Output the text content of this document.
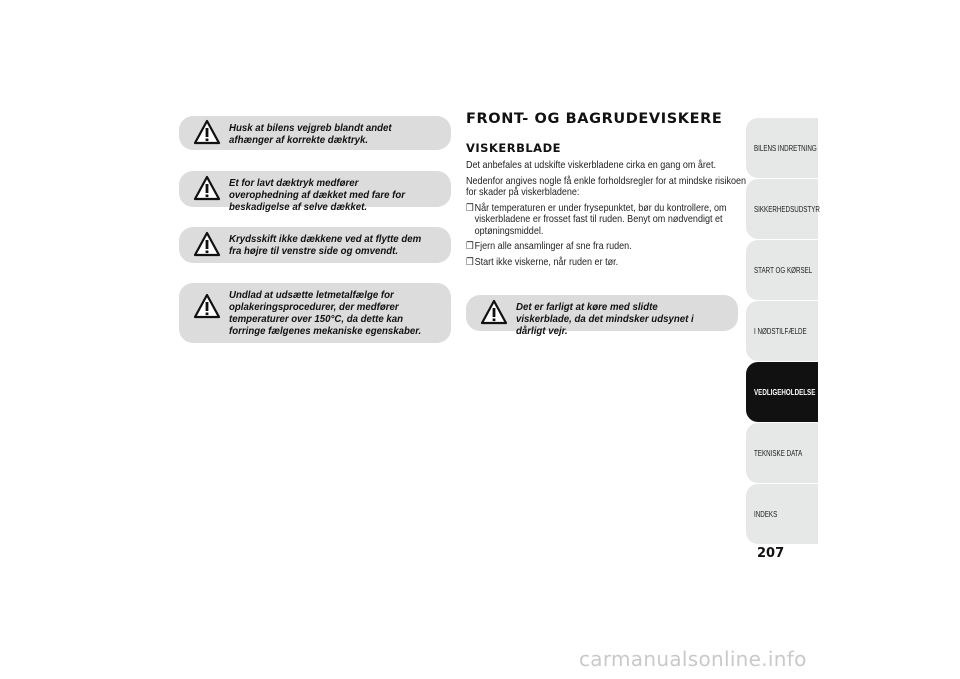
Husk at bilens vejgreb blandt andet afhænger af korrekte dæktryk.
Et for lavt dæktryk medfører overophedning af dækket med fare for beskadigelse af selve dækket.
Krydsskift ikke dækkene ved at flytte dem fra højre til venstre side og omvendt.
Undlad at udsætte letmetalfælge for oplakeringsprocedurer, der medfører temperaturer over 150°C, da dette kan forringe fælgenes mekaniske egenskaber.
FRONT- OG BAGRUDEVISKERE
VISKERBLADE

Det anbefales at udskifte viskerbladene cirka en gang om året.

Nedenfor angives nogle få enkle forholdsregler for at mindske risikoen for skader på viskerbladene:

❒ Når temperaturen er under frysepunktet, bør du kontrollere, om viskerbladene er frosset fast til ruden. Benyt om nødvendigt et optøningsmiddel.
❒ Fjern alle ansamlinger af sne fra ruden.
❒ Start ikke viskerne, når ruden er tør.
Det er farligt at køre med slidte viskerblade, da det mindsker udsynet i dårligt vejr.
BILENS INDRETNING
SIKKERHEDSUDSTYR
START OG KØRSEL
I NØDSTILFÆLDE
VEDLIGEHOLDELSE
TEKNISKE DATA
INDEKS
207
carmanualsonline.info
